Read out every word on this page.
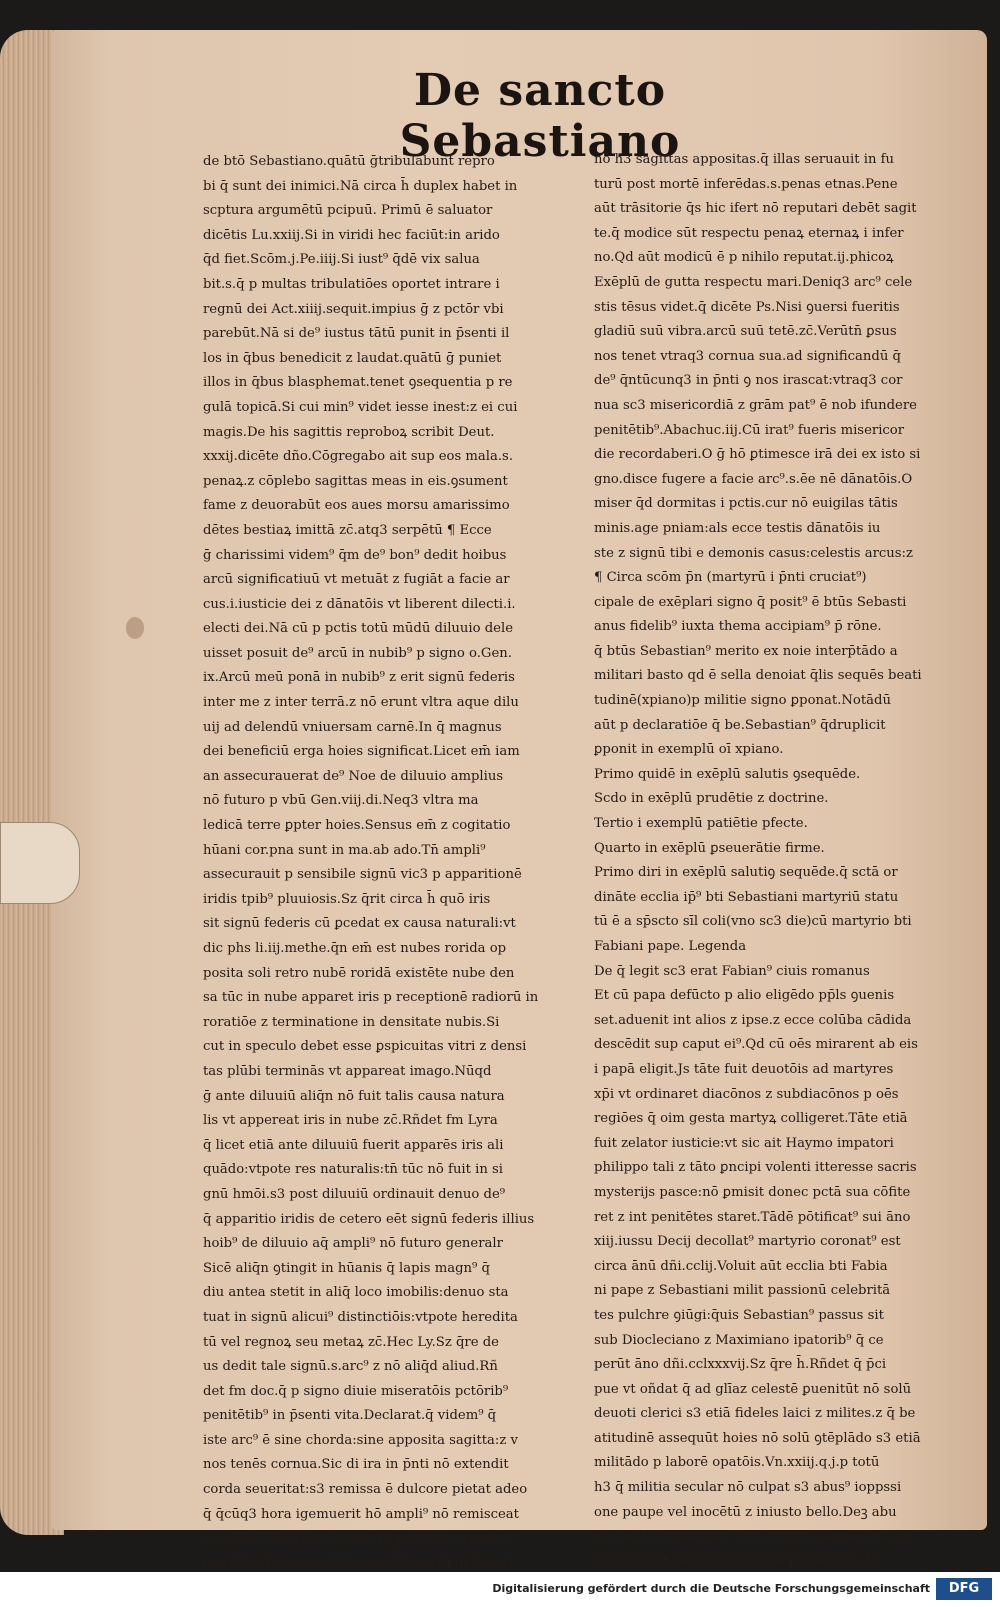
De sancto Sebastiano
de btō Sebastiano.quātū ḡtribulabunt repro
bi q̄ sunt dei inimici.Nā circa h̄ duplex habet in
scptura argumētū pcipuū. Primū ē saluator
dicētis Lu.xxiij.Si in viridi hec faciūt:in arido
q̄d fiet.Scōm.j.Pe.iiij.Si iust⁹ q̄dē vix salua
bit.s.q̄ p multas tribulatiōes oportet intrare i
regnū dei Act.xiiij.sequit.impius ḡ z pctōr vbi
parebūt.Nā si de⁹ iustus tātū punit in p̄senti il
los in q̄bus benedicit z laudat.quātū ḡ puniet
illos in q̄bus blasphemat.tenet ꝯsequentia p re
gulā topicā.Si cui min⁹ videt iesse inest:z ei cui
magis.De his sagittis reproboꝝ scribit Deut.
xxxij.dicēte dño.Cōgregabo ait sup eos mala.s.
penaꝝ.z cōplebo sagittas meas in eis.ꝯsument
fame z deuorabūt eos aues morsu amarissimo
dētes bestiaꝝ imittā zc̄.atq3 serpētū ¶ Ecce
ḡ charissimi videm⁹ q̄m de⁹ bon⁹ dedit hoibus
arcū significatiuū vt metuāt z fugiāt a facie ar
cus.i.iusticie dei z dānatōis vt liberent dilecti.i.
electi dei.Nā cū p pctis totū mūdū diluuio dele
uisset posuit de⁹ arcū in nubib⁹ p signo o.Gen.
ix.Arcū meū ponā in nubib⁹ z erit signū federis
inter me z inter terrā.z nō erunt vltra aque dilu
uij ad delendū vniuersam carnē.In q̄ magnus
dei beneficiū erga hoies significat.Licet em̄ iam
an assecurauerat de⁹ Noe de diluuio amplius
nō futuro p vbū Gen.viij.di.Neq3 vltra ma
ledicā terre ꝑpter hoies.Sensus em̄ z cogitatio
hūani cor.pna sunt in ma.ab ado.Tn̄ ampli⁹
assecurauit p sensibile signū vic3 p apparitionē
iridis tpib⁹ pluuiosis.Sz q̄rit circa h̄ quō iris
sit signū federis cū ꝑcedat ex causa naturali:vt
dic phs li.iij.methe.q̄n em̄ est nubes rorida op
posita soli retro nubē roridā existēte nube den
sa tūc in nube apparet iris p receptionē radiorū in
roratiōe z terminatione in densitate nubis.Si
cut in speculo debet esse ꝑspicuitas vitri z densi
tas plūbi terminās vt appareat imago.Nūqd
ḡ ante diluuiū aliq̄n nō fuit talis causa natura
lis vt appereat iris in nube zc̄.Rñdet fm Lyra
q̄ licet etiā ante diluuiū fuerit apparēs iris ali
quādo:vtpote res naturalis:tn̄ tūc nō fuit in si
gnū hmōi.s3 post diluuiū ordinauit denuo de⁹
q̄ apparitio iridis de cetero eēt signū federis illius
hoib⁹ de diluuio aq̄ ampli⁹ nō futuro generalr
Sicē aliq̄n ꝯtingit in hūanis q̄ lapis magn⁹ q̄
diu antea stetit in aliq̄ loco imobilis:denuo sta
tuat in signū alicui⁹ distinctiōis:vtpote heredita
tū vel regnoꝝ seu metaꝝ zc̄.Hec Ly.Sz q̄re de
us dedit tale signū.s.arc⁹ z nō aliq̄d aliud.Rñ
det fm doc.q̄ p signo diuie miseratōis pctōrib⁹
penitētib⁹ in p̄senti vita.Declarat.q̄ videm⁹ q̄
iste arc⁹ ē sine chorda:sine apposita sagitta:z v
nos tenēs cornua.Sic di ira in p̄nti nō extendit
corda seueritat:s3 remissa ē dulcore pietat adeo
q̄ q̄cūq3 hora igemuerit hō ampli⁹ nō remisceat
oim iniquitatū Ezech.xviij.Et patiēter expectat
nos dūs vt misereat Esa.xxx.Itē ira di in p̄senti
nō h3 sagittas appositas.q̄ illas seruauit in fu
turū post mortē inferēdas.s.penas etnas.Pene
aūt trāsitorie q̄s hic ifert nō reputari debēt sagit
te.q̄ modice sūt respectu penaꝝ eternaꝝ i infer
no.Qd aūt modicū ē p nihilo reputat.ij.phicoꝝ
Exēplū de gutta respectu mari.Deniq3 arc⁹ cele
stis tēsus videt.q̄ dicēte Ps.Nisi ꝯuersi fueritis
gladiū suū vibra.arcū suū tetē.zc̄.Verūtn̄ ꝑsus
nos tenet vtraq3 cornua sua.ad significandū q̄
de⁹ q̄ntūcunq3 in p̄nti ꝯ nos irascat:vtraq3 cor
nua sc3 misericordiā z grām pat⁹ ē nob ifundere
penitētib⁹.Abachuc.iij.Cū irat⁹ fueris misericor
die recordaberi.O ḡ hō ꝑtimesce irā dei ex isto si
gno.disce fugere a facie arc⁹.s.ēe nē dānatōis.O
miser q̄d dormitas i pctis.cur nō euigilas tātis
minis.age pniam:als ecce testis dānatōis iu
ste z signū tibi e demonis casus:celestis arcus:z
¶ Circa scōm p̄n (martyrū i p̄nti cruciat⁹)
cipale de exēplari signo q̄ posit⁹ ē btūs Sebasti
anus fidelib⁹ iuxta thema accipiam⁹ p̄ rōne.
q̄ btūs Sebastian⁹ merito ex noie interp̄tādo a
militari basto qd ē sella denoiat q̄lis sequēs beati
tudinē(xpiano)p militie signo ꝑponat.Notādū
aūt p declaratiōe q̄ be.Sebastian⁹ q̄druplicit
ꝑponit in exemplū oī xpiano.
Primo quidē in exēplū salutis ꝯsequēde.
Scdo in exēplū prudētie z doctrine.
Tertio i exemplū patiētie pfecte.
Quarto in exēplū ꝑseuerātie firme.
Primo diri in exēplū salutiꝯ sequēde.q̄ sctā or
dināte ecclia ip̄⁹ bti Sebastiani martyriū statu
tū ē a sp̄scto sīl coli(vno sc3 die)cū martyrio bti
Fabiani pape. Legenda
De q̄ legit sc3 erat Fabian⁹ ciuis romanus
Et cū papa defūcto p alio eligēdo pp̄ls ꝯuenis
set.aduenit int alios z ipse.z ecce colūba cādida
descēdit sup caput ei⁹.Qd cū oēs mirarent ab eis
i papā eligit.Js tāte fuit deuotōis ad martyres
xp̄i vt ordinaret diacōnos z subdiacōnos p oēs
regiōes q̄ oim gesta martyꝝ colligeret.Tāte etiā
fuit zelator iusticie:vt sic ait Haymo impatori
philippo tali z tāto ꝑncipi volenti itteresse sacris
mysterijs pasce:nō ꝑmisit donec pctā sua cōfite
ret z int penitētes staret.Tādē pōtificat⁹ sui āno
xiij.iussu Decij decollat⁹ martyrio coronat⁹ est
circa ānū dñi.cclij.Voluit aūt ecclia bti Fabia
ni pape z Sebastiani milit passionū celebritā
tes pulchre ꝯiūgi:q̄uis Sebastian⁹ passus sit
sub Diocleciano z Maximiano ipatorib⁹ q̄ ce
perūt āno dñi.cclxxxvij.Sz q̄re h̄.Rñdet q̄ p̄ci
pue vt oñdat q̄ ad glīaz celestē ꝑuenitūt nō solū
deuoti clerici s3 etiā fideles laici z milites.z q̄ be
atitudinē assequūt hoies nō solū ꝯtēplādo s3 etiā
militādo p laborē opatōis.Vn.xxiij.q.j.p totū
h3 q̄ militia secular nō culpat s3 abus⁹ ioppssi
one paupe vel inocētū z iniusto bello.Deꝫ abu
sū cauit b.Sebastian⁹ ḡ ē exēplū ꝯsequēde salut
etiā laicis ¶ Scdo ē in exēplū prudētie z do
Digitalisierung gefördert durch die Deutsche Forschungsgemeinschaft	DFG
